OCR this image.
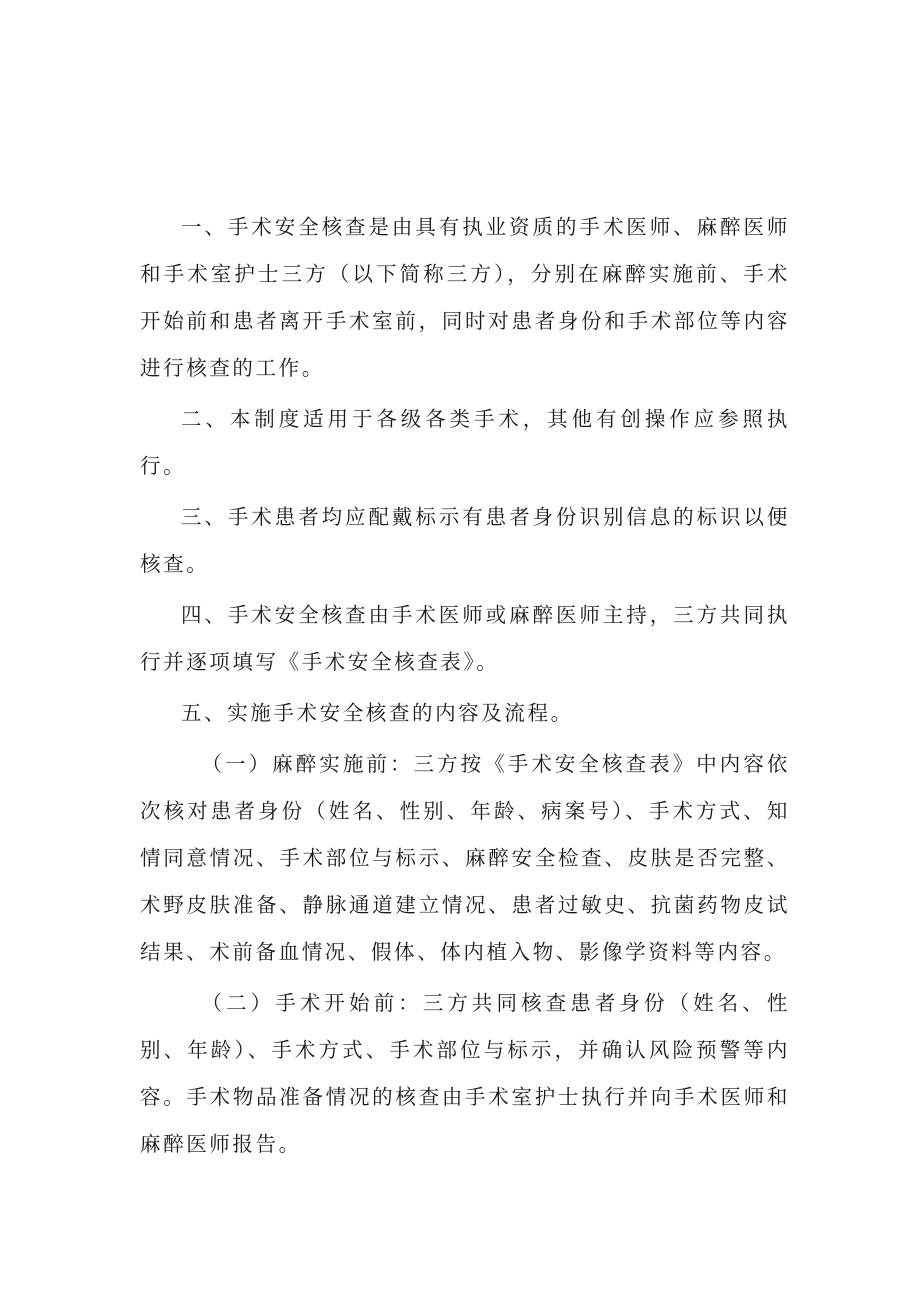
一、手术安全核查是由具有执业资质的手术医师、麻醉医师和手术室护士三方（以下简称三方），分别在麻醉实施前、手术开始前和患者离开手术室前，同时对患者身份和手术部位等内容进行核查的工作。

二、本制度适用于各级各类手术，其他有创操作应参照执行。

三、手术患者均应配戴标示有患者身份识别信息的标识以便核查。

四、手术安全核查由手术医师或麻醉医师主持，三方共同执行并逐项填写《手术安全核查表》。

五、实施手术安全核查的内容及流程。

（一）麻醉实施前：三方按《手术安全核查表》中内容依次核对患者身份（姓名、性别、年龄、病案号）、手术方式、知情同意情况、手术部位与标示、麻醉安全检查、皮肤是否完整、术野皮肤准备、静脉通道建立情况、患者过敏史、抗菌药物皮试结果、术前备血情况、假体、体内植入物、影像学资料等内容。

（二）手术开始前：三方共同核查患者身份（姓名、性别、年龄）、手术方式、手术部位与标示，并确认风险预警等内容。手术物品准备情况的核查由手术室护士执行并向手术医师和麻醉医师报告。
